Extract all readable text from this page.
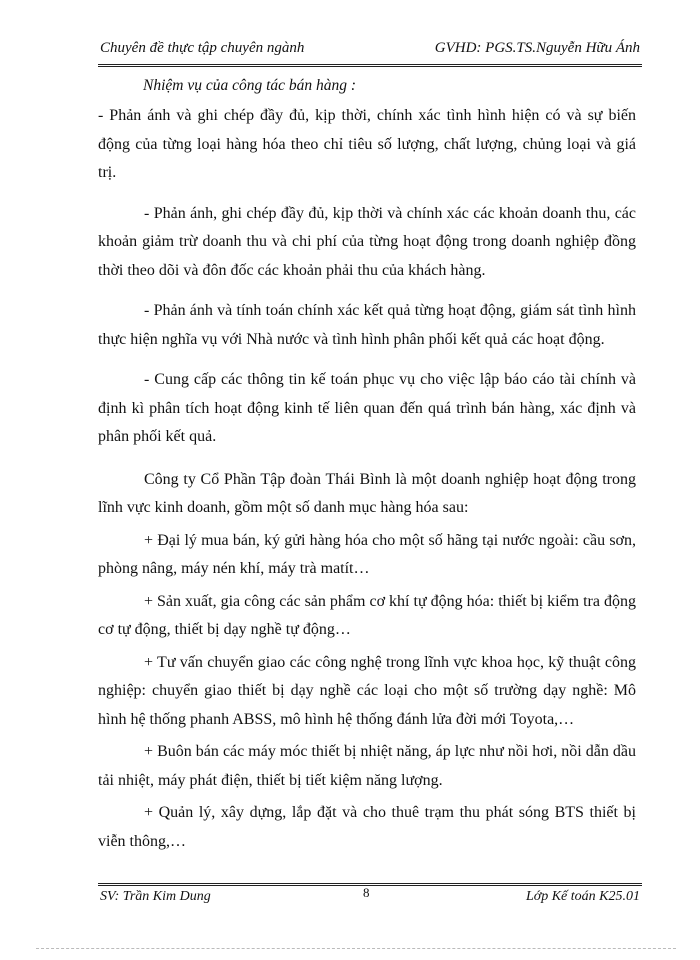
Chuyên đề thực tập chuyên ngành	GVHD: PGS.TS.Nguyễn Hữu Ánh

Nhiệm vụ của công tác bán hàng :

- Phản ánh và ghi chép đầy đủ, kịp thời, chính xác tình hình hiện có và sự biến động của từng loại hàng hóa theo chỉ tiêu số lượng, chất lượng, chủng loại và giá trị.

- Phản ánh, ghi chép đầy đủ, kịp thời và chính xác các khoản doanh thu, các khoản giảm trừ doanh thu và chi phí của từng hoạt động trong doanh nghiệp đồng thời theo dõi và đôn đốc các khoản phải thu của khách hàng.

- Phản ánh và tính toán chính xác kết quả từng hoạt động, giám sát tình hình thực hiện nghĩa vụ với Nhà nước và tình hình phân phối kết quả các hoạt động.

- Cung cấp các thông tin kế toán phục vụ cho việc lập báo cáo tài chính và định kì phân tích hoạt động kinh tế liên quan đến quá trình bán hàng, xác định và phân phối kết quả.

Công ty Cổ Phần Tập đoàn Thái Bình là một doanh nghiệp hoạt động trong lĩnh vực kinh doanh, gồm một số danh mục hàng hóa sau:

+ Đại lý mua bán, ký gửi hàng hóa cho một số hãng tại nước ngoài: cầu sơn, phòng nâng, máy nén khí, máy trà matít…

+ Sản xuất, gia công các sản phẩm cơ khí tự động hóa: thiết bị kiểm tra động cơ tự động, thiết bị dạy nghề tự động…

+ Tư vấn chuyển giao các công nghệ trong lĩnh vực khoa học, kỹ thuật công nghiệp: chuyển giao thiết bị dạy nghề các loại cho một số trường dạy nghề: Mô hình hệ thống phanh ABSS, mô hình hệ thống đánh lửa đời mới Toyota,…

+ Buôn bán các máy móc thiết bị nhiệt năng, áp lực như nồi hơi, nồi dẫn dầu tải nhiệt, máy phát điện, thiết bị tiết kiệm năng lượng.

+ Quản lý, xây dựng, lắp đặt và cho thuê trạm thu phát sóng BTS thiết bị viễn thông,…

SV: Trần Kim Dung	8	Lớp Kế toán K25.01
